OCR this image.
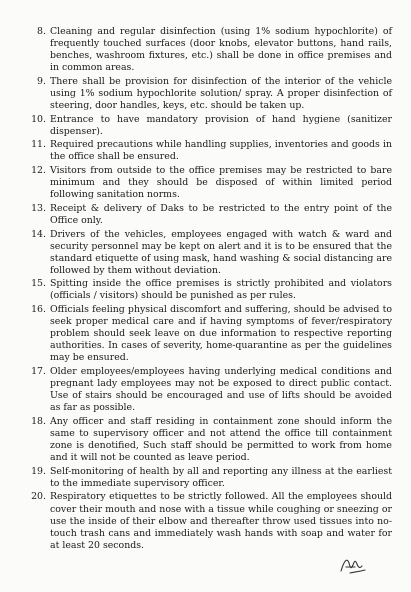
8. Cleaning and regular disinfection (using 1% sodium hypochlorite) of frequently touched surfaces (door knobs, elevator buttons, hand rails, benches, washroom fixtures, etc.) shall be done in office premises and in common areas.
9. There shall be provision for disinfection of the interior of the vehicle using 1% sodium hypochlorite solution/ spray. A proper disinfection of steering, door handles, keys, etc. should be taken up.
10. Entrance to have mandatory provision of hand hygiene (sanitizer dispenser).
11. Required precautions while handling supplies, inventories and goods in the office shall be ensured.
12. Visitors from outside to the office premises may be restricted to bare minimum and they should be disposed of within limited period following sanitation norms.
13. Receipt & delivery of Daks to be restricted to the entry point of the Office only.
14. Drivers of the vehicles, employees engaged with watch & ward and security personnel may be kept on alert and it is to be ensured that the standard etiquette of using mask, hand washing & social distancing are followed by them without deviation.
15. Spitting inside the office premises is strictly prohibited and violators (officials / visitors) should be punished as per rules.
16. Officials feeling physical discomfort and suffering, should be advised to seek proper medical care and if having symptoms of fever/respiratory problem should seek leave on due information to respective reporting authorities. In cases of severity, home-quarantine as per the guidelines may be ensured.
17. Older employees/employees having underlying medical conditions and pregnant lady employees may not be exposed to direct public contact. Use of stairs should be encouraged and use of lifts should be avoided as far as possible.
18. Any officer and staff residing in containment zone should inform the same to supervisory officer and not attend the office till containment zone is denotified, Such staff should be permitted to work from home and it will not be counted as leave period.
19. Self-monitoring of health by all and reporting any illness at the earliest to the immediate supervisory officer.
20. Respiratory etiquettes to be strictly followed. All the employees should cover their mouth and nose with a tissue while coughing or sneezing or use the inside of their elbow and thereafter throw used tissues into no-touch trash cans and immediately wash hands with soap and water for at least 20 seconds.
